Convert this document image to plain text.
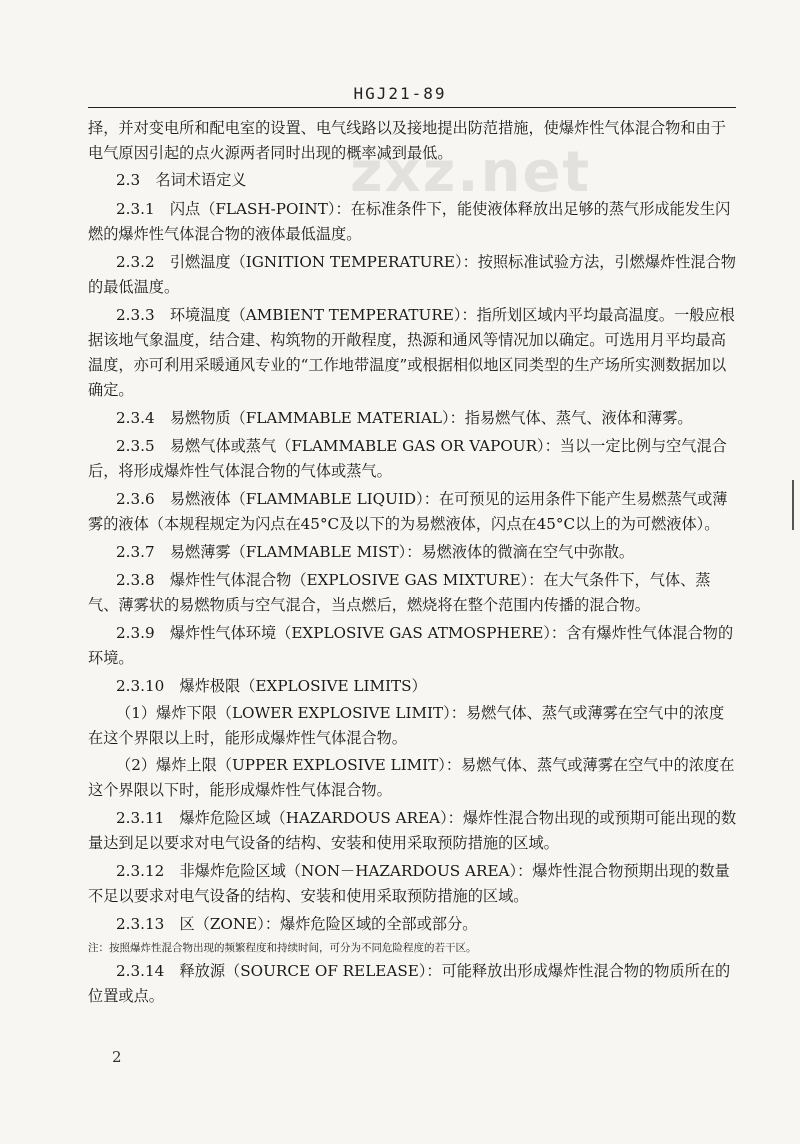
HGJ21-89
zxz.net

择，并对变电所和配电室的设置、电气线路以及接地提出防范措施，使爆炸性气体混合物和由于电气原因引起的点火源两者同时出现的概率减到最低。

2.3　名词术语定义

2.3.1　闪点（FLASH-POINT）：在标准条件下，能使液体释放出足够的蒸气形成能发生闪燃的爆炸性气体混合物的液体最低温度。

2.3.2　引燃温度（IGNITION TEMPERATURE）：按照标准试验方法，引燃爆炸性混合物的最低温度。

2.3.3　环境温度（AMBIENT TEMPERATURE）：指所划区域内平均最高温度。一般应根据该地气象温度，结合建、构筑物的开敞程度，热源和通风等情况加以确定。可选用月平均最高温度，亦可利用采暖通风专业的“工作地带温度”或根据相似地区同类型的生产场所实测数据加以确定。

2.3.4　易燃物质（FLAMMABLE MATERIAL）：指易燃气体、蒸气、液体和薄雾。

2.3.5　易燃气体或蒸气（FLAMMABLE GAS OR VAPOUR）：当以一定比例与空气混合后，将形成爆炸性气体混合物的气体或蒸气。

2.3.6　易燃液体（FLAMMABLE LIQUID）：在可预见的运用条件下能产生易燃蒸气或薄雾的液体（本规程规定为闪点在45°C及以下的为易燃液体，闪点在45°C以上的为可燃液体）。

2.3.7　易燃薄雾（FLAMMABLE MIST）：易燃液体的微滴在空气中弥散。

2.3.8　爆炸性气体混合物（EXPLOSIVE GAS MIXTURE）：在大气条件下，气体、蒸气、薄雾状的易燃物质与空气混合，当点燃后，燃烧将在整个范围内传播的混合物。

2.3.9　爆炸性气体环境（EXPLOSIVE GAS ATMOSPHERE）：含有爆炸性气体混合物的环境。

2.3.10　爆炸极限（EXPLOSIVE LIMITS）

（1）爆炸下限（LOWER EXPLOSIVE LIMIT）：易燃气体、蒸气或薄雾在空气中的浓度在这个界限以上时，能形成爆炸性气体混合物。

（2）爆炸上限（UPPER EXPLOSIVE LIMIT）：易燃气体、蒸气或薄雾在空气中的浓度在这个界限以下时，能形成爆炸性气体混合物。

2.3.11　爆炸危险区域（HAZARDOUS AREA）：爆炸性混合物出现的或预期可能出现的数量达到足以要求对电气设备的结构、安装和使用采取预防措施的区域。

2.3.12　非爆炸危险区域（NON－HAZARDOUS AREA）：爆炸性混合物预期出现的数量不足以要求对电气设备的结构、安装和使用采取预防措施的区域。

2.3.13　区（ZONE）：爆炸危险区域的全部或部分。

注：按照爆炸性混合物出现的频繁程度和持续时间，可分为不同危险程度的若干区。

2.3.14　释放源（SOURCE OF RELEASE）：可能释放出形成爆炸性混合物的物质所在的位置或点。

2
